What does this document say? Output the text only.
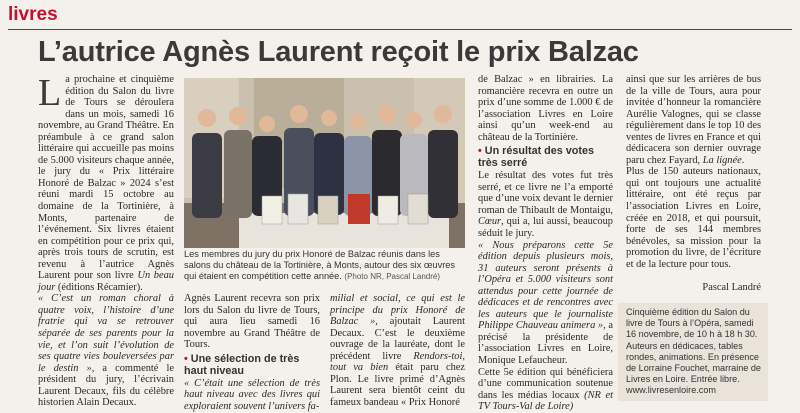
livres
L’autrice Agnès Laurent reçoit le prix Balzac

La prochaine et cinquième édition du Salon du livre de Tours se déroulera dans un mois, samedi 16 novembre, au Grand Théâtre. En préambule à ce grand salon littéraire qui accueille pas moins de 5.000 visiteurs chaque année, le jury du « Prix littéraire Honoré de Balzac » 2024 s’est réuni mardi 15 octobre au domaine de la Tortinière, à Monts, partenaire de l’événement. Six livres étaient en compétition pour ce prix qui, après trois tours de scrutin, est revenu à l’autrice Agnès Laurent pour son livre Un beau jour (éditions Récamier).

« C’est un roman choral à quatre voix, l’histoire d’une fratrie qui va se retrouver séparée de ses parents pour la vie, et l’on suit l’évolution de ses quatre vies bouleversées par le destin », a commenté le président du jury, l’écrivain Laurent Decaux, fils du célèbre historien Alain Decaux.

Les membres du jury du prix Honoré de Balzac réunis dans les salons du château de la Tortinière, à Monts, autour des six œuvres qui étaient en compétition cette année. (Photo NR, Pascal Landré)

Agnès Laurent recevra son prix lors du Salon du livre de Tours, qui aura lieu samedi 16 novembre au Grand Théâtre de Tours.

• Une sélection de très haut niveau

« C’était une sélection de très haut niveau avec des livres qui exploraient souvent l’univers fa-

milial et social, ce qui est le principe du prix Honoré de Balzac », ajoutait Laurent Decaux. C’est le deuxième ouvrage de la lauréate, dont le précédent livre Rendors-toi, tout va bien était paru chez Plon. Le livre primé d’Agnès Laurent sera bientôt ceint du fameux bandeau « Prix Honoré

de Balzac » en librairies. La romancière recevra en outre un prix d’une somme de 1.000 € de l’association Livres en Loire ainsi qu’un week-end au château de la Tortinière.

• Un résultat des votes très serré

Le résultat des votes fut très serré, et ce livre ne l’a emporté que d’une voix devant le dernier roman de Thibault de Montaigu, Cœur, qui a, lui aussi, beaucoup séduit le jury.

« Nous préparons cette 5e édition depuis plusieurs mois, 31 auteurs seront présents à l’Opéra et 5.000 visiteurs sont attendus pour cette journée de dédicaces et de rencontres avec les auteurs que le journaliste Philippe Chauveau animera », a précisé la présidente de l’association Livres en Loire, Monique Lefaucheur.

Cette 5e édition qui bénéficiera d’une communication soutenue dans les médias locaux (NR et TV Tours-Val de Loire)

ainsi que sur les arrières de bus de la ville de Tours, aura pour invitée d’honneur la romancière Aurélie Valognes, qui se classe régulièrement dans le top 10 des ventes de livres en France et qui dédicacera son dernier ouvrage paru chez Fayard, La lignée.

Plus de 150 auteurs nationaux, qui ont toujours une actualité littéraire, ont été reçus par l’association Livres en Loire, créée en 2018, et qui poursuit, forte de ses 144 membres bénévoles, sa mission pour la promotion du livre, de l’écriture et de la lecture pour tous.

Pascal Landré
Cinquième édition du Salon du livre de Tours à l’Opéra, samedi 16 novembre, de 10 h à 18 h 30. Auteurs en dédicaces, tables rondes, animations. En présence de Lorraine Fouchet, marraine de Livres en Loire. Entrée libre. www.livresenloire.com
